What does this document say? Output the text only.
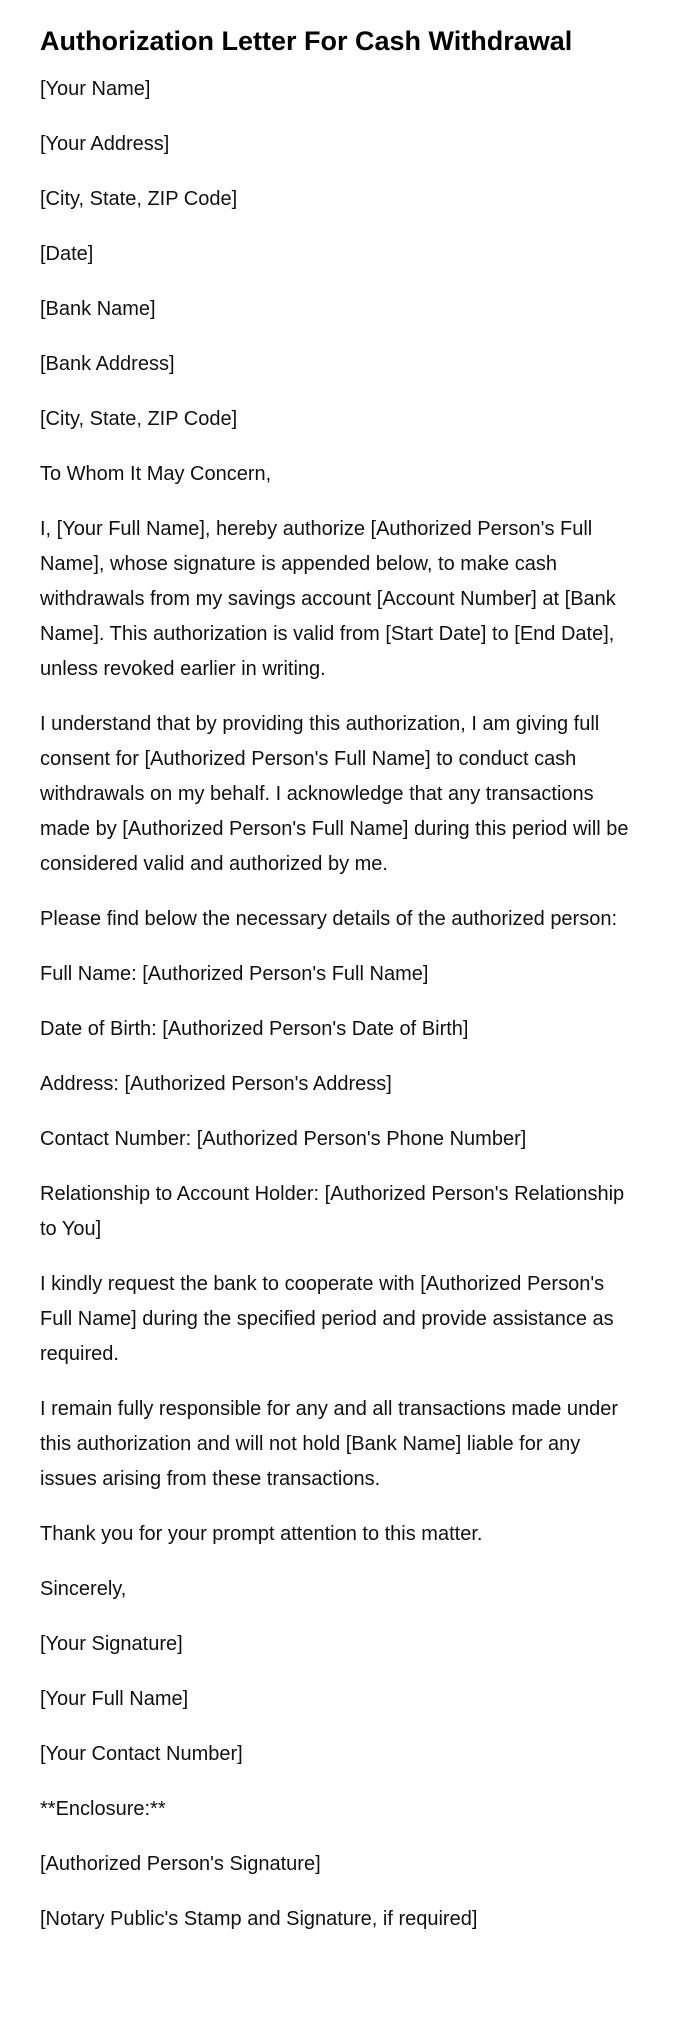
Authorization Letter For Cash Withdrawal

[Your Name]

[Your Address]

[City, State, ZIP Code]

[Date]

[Bank Name]

[Bank Address]

[City, State, ZIP Code]

To Whom It May Concern,

I, [Your Full Name], hereby authorize [Authorized Person's Full Name], whose signature is appended below, to make cash withdrawals from my savings account [Account Number] at [Bank Name]. This authorization is valid from [Start Date] to [End Date], unless revoked earlier in writing.

I understand that by providing this authorization, I am giving full consent for [Authorized Person's Full Name] to conduct cash withdrawals on my behalf. I acknowledge that any transactions made by [Authorized Person's Full Name] during this period will be considered valid and authorized by me.

Please find below the necessary details of the authorized person:

Full Name: [Authorized Person's Full Name]

Date of Birth: [Authorized Person's Date of Birth]

Address: [Authorized Person's Address]

Contact Number: [Authorized Person's Phone Number]

Relationship to Account Holder: [Authorized Person's Relationship to You]

I kindly request the bank to cooperate with [Authorized Person's Full Name] during the specified period and provide assistance as required.

I remain fully responsible for any and all transactions made under this authorization and will not hold [Bank Name] liable for any issues arising from these transactions.

Thank you for your prompt attention to this matter.

Sincerely,

[Your Signature]

[Your Full Name]

[Your Contact Number]

**Enclosure:**

[Authorized Person's Signature]

[Notary Public's Stamp and Signature, if required]
